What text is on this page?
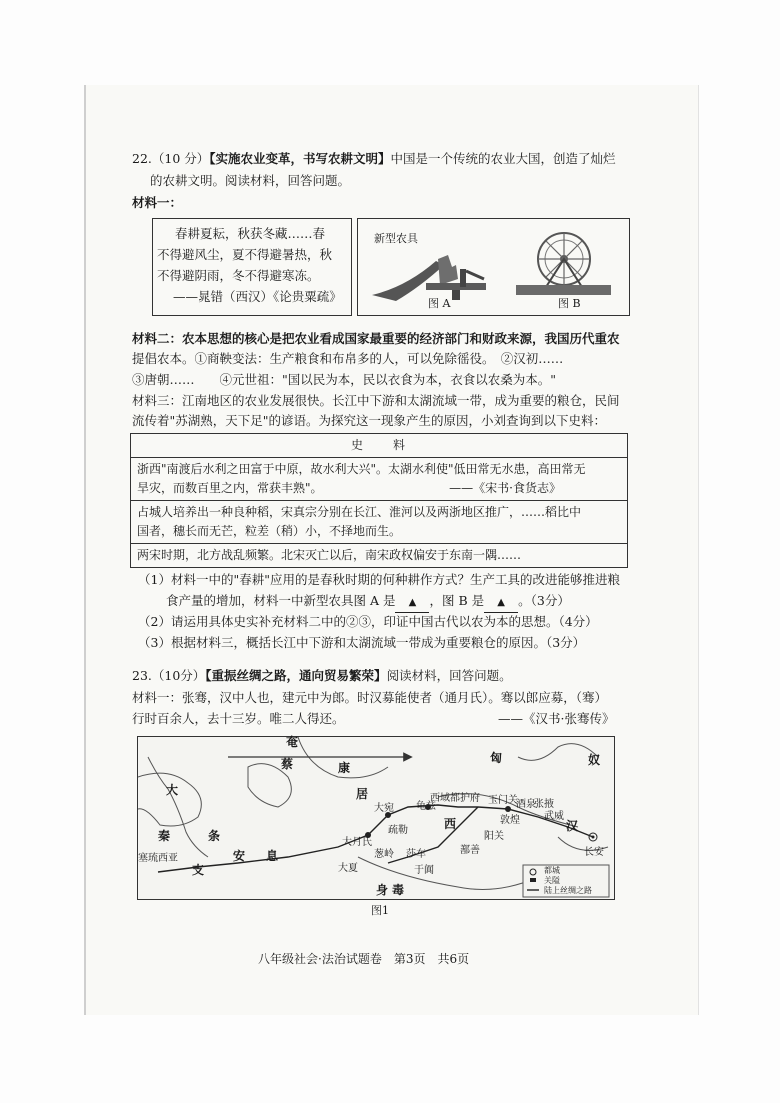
22.（10 分）【实施农业变革，书写农耕文明】中国是一个传统的农业大国，创造了灿烂
的农耕文明。阅读材料，回答问题。
材料一：
春耕夏耘，秋获冬藏……春
不得避风尘，夏不得避暑热，秋
不得避阴雨，冬不得避寒冻。
——晁错（西汉）《论贵粟疏》
新型农具
图 A	图 B
材料二：农本思想的核心是把农业看成国家最重要的经济部门和财政来源，我国历代重农
提倡农本。①商鞅变法：生产粮食和布帛多的人，可以免除徭役。　②汉初……
③唐朝……　　④元世祖："国以民为本，民以衣食为本，衣食以农桑为本。"
材料三：江南地区的农业发展很快。长江中下游和太湖流域一带，成为重要的粮仓，民间
流传着"苏湖熟，天下足"的谚语。为探究这一现象产生的原因，小刘查询到以下史料：
史　　料

浙西"南渡后水利之田富于中原，故水利大兴"。太湖水利使"低田常无水患，高田常无
旱灾，而数百里之内，常获丰熟"。	——《宋书·食货志》

占城人培养出一种良种稻，宋真宗分别在长江、淮河以及两浙地区推广，……稻比中
国者，穗长而无芒，粒差（稍）小，不择地而生。

两宋时期，北方战乱频繁。北宋灭亡以后，南宋政权偏安于东南一隅……
（1）材料一中的"春耕"应用的是春秋时期的何种耕作方式？生产工具的改进能够推进粮
食产量的增加，材料一中新型农具图 A 是 ▲ ，图 B 是 ▲ 。（3分）
（2）请运用具体史实补充材料二中的②③，印证中国古代以农为本的思想。（4分）
（3）根据材料三，概括长江中下游和太湖流域一带成为重要粮仓的原因。（3分）
23.（10分）【重振丝绸之路，通向贸易繁荣】阅读材料，回答问题。
材料一：张骞，汉中人也，建元中为郎。时汉募能使者（通月氏）。骞以郎应募，（骞）
行时百余人，去十三岁。唯二人得还。	——《汉书·张骞传》
奄
蔡	康
居
匈	奴
大
秦	条
安 息
支
身 毒
西	汉
大宛
疏勒
龟兹
西域都护府 玉门关
酒泉
张掖
武威
敦煌
阳关
大月氏
葱岭 莎车	鄯善
于阗
大夏
长安
塞琉西亚
都城
关隘
陆上丝绸之路
图1
八年级社会·法治试题卷　第3页　共6页
